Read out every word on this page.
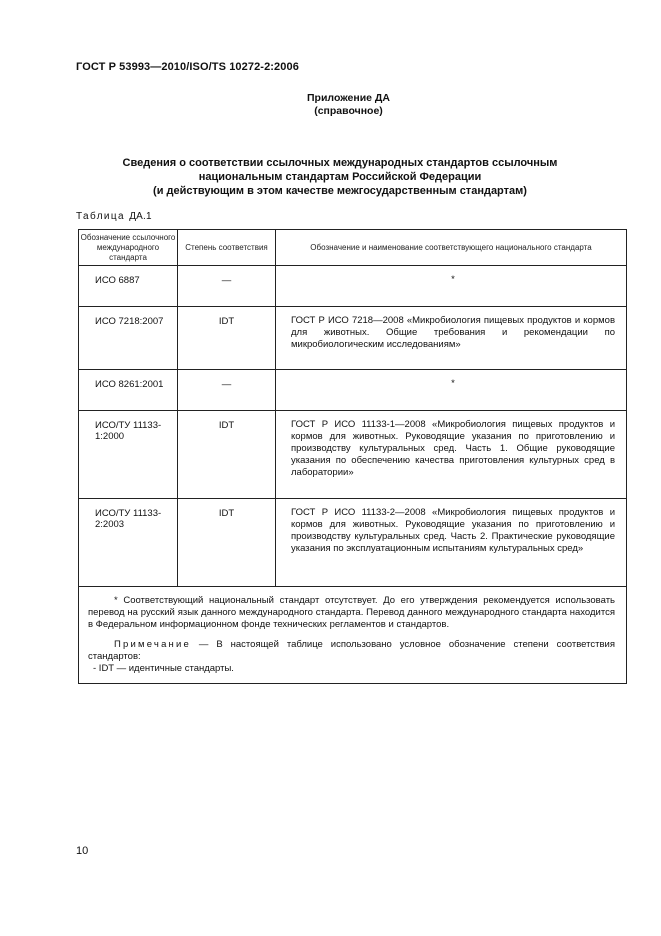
ГОСТ Р 53993—2010/ISO/TS 10272-2:2006
Приложение ДА
(справочное)
Сведения о соответствии ссылочных международных стандартов ссылочным
национальным стандартам Российской Федерации
(и действующим в этом качестве межгосударственным стандартам)
Таблица ДА.1
Обозначение ссылочного международного стандарта	Степень соответствия	Обозначение и наименование соответствующего национального стандарта
ИСО 6887	—	*
ИСО 7218:2007	IDT	ГОСТ Р ИСО 7218—2008 «Микробиология пищевых продуктов и кормов для животных. Общие требования и рекомендации по микробиологическим исследованиям»
ИСО 8261:2001	—	*
ИСО/ТУ 11133-1:2000	IDT	ГОСТ Р ИСО 11133-1—2008 «Микробиология пищевых продуктов и кормов для животных. Руководящие указания по приготовлению и производству культуральных сред. Часть 1. Общие руководящие указания по обеспечению качества приготовления культурных сред в лаборатории»
ИСО/ТУ 11133-2:2003	IDT	ГОСТ Р ИСО 11133-2—2008 «Микробиология пищевых продуктов и кормов для животных. Руководящие указания по приготовлению и производству культуральных сред. Часть 2. Практические руководящие указания по эксплуатационным испытаниям культуральных сред»

* Соответствующий национальный стандарт отсутствует. До его утверждения рекомендуется использовать перевод на русский язык данного международного стандарта. Перевод данного международного стандарта находится в Федеральном информационном фонде технических регламентов и стандартов.

Примечание — В настоящей таблице использовано условное обозначение степени соответствия стандартов:

- IDT — идентичные стандарты.		

10
